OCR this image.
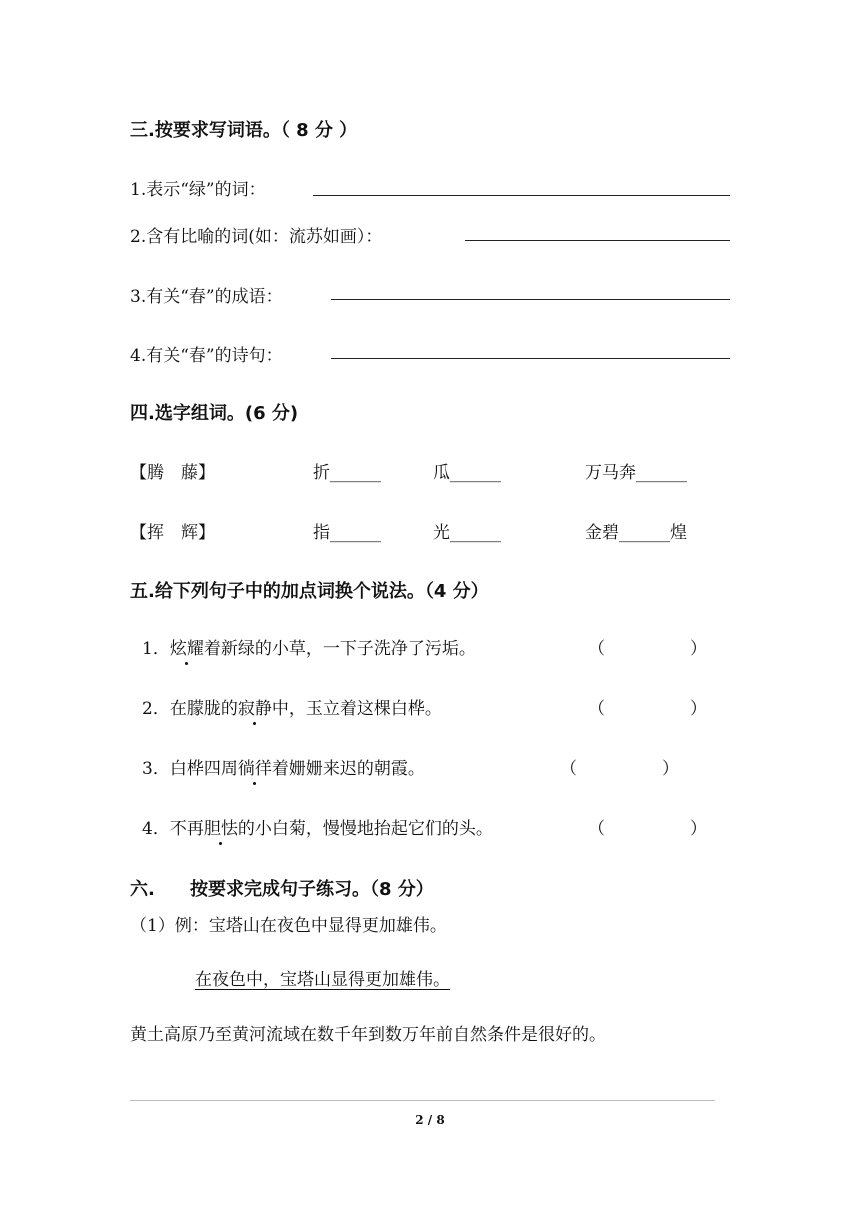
三.按要求写词语。（ 8 分 ）
1.表示“绿”的词：
2.含有比喻的词(如：流苏如画）：
3.有关“春”的成语：
4.有关“春”的诗句：
四.选字组词。(6 分)
【腾　藤】	折______	瓜______	万马奔______
【挥　辉】	指______	光______	金碧______煌
五.给下列句子中的加点词换个说法。（4 分）
1．炫耀着新绿的小草，一下子洗净了污垢。	（　　　　　）
2．在朦胧的寂静中，玉立着这棵白桦。	（　　　　　）
3．白桦四周徜徉着姗姗来迟的朝霞。	（　　　　　）
4．不再胆怯的小白菊，慢慢地抬起它们的头。	（　　　　　）
六. 按要求完成句子练习。（8 分）
（1）例：宝塔山在夜色中显得更加雄伟。
在夜色中，宝塔山显得更加雄伟。
黄土高原乃至黄河流域在数千年到数万年前自然条件是很好的。
2 / 8
